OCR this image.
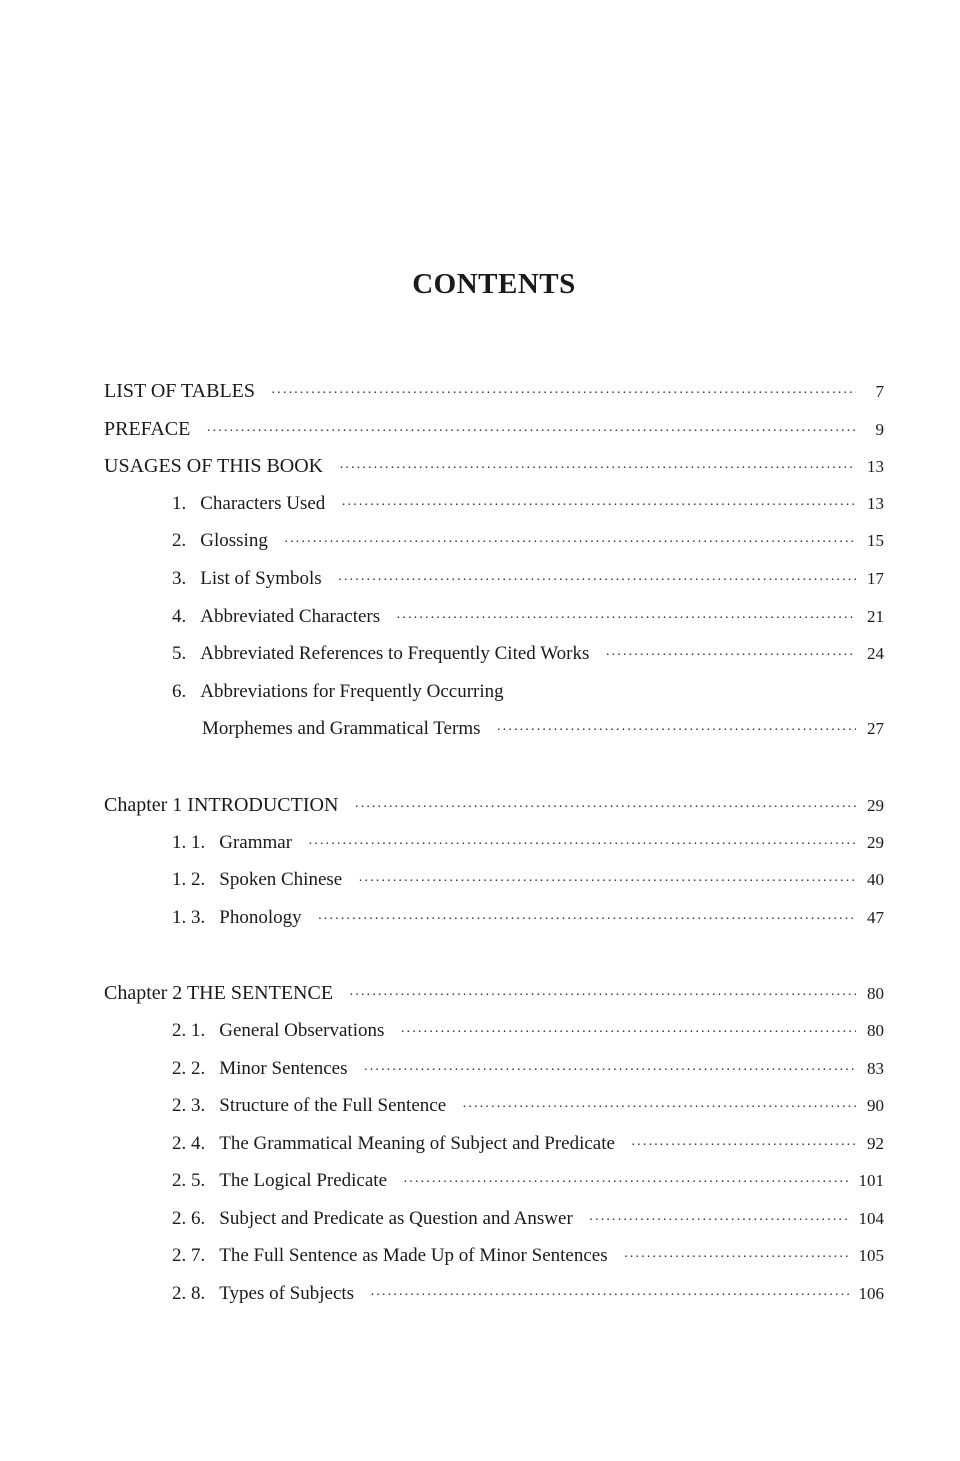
CONTENTS
LIST OF TABLES ·····	7
PREFACE ·····	9
USAGES OF THIS BOOK ·····	13
1. Characters Used ·····	13
2. Glossing ·····	15
3. List of Symbols ·····	17
4. Abbreviated Characters ·····	21
5. Abbreviated References to Frequently Cited Works ·····	24
6. Abbreviations for Frequently Occurring
Morphemes and Grammatical Terms ·····	27
Chapter 1 INTRODUCTION ·····	29
1. 1. Grammar ·····	29
1. 2. Spoken Chinese ·····	40
1. 3. Phonology ·····	47
Chapter 2 THE SENTENCE ·····	80
2. 1. General Observations ·····	80
2. 2. Minor Sentences ·····	83
2. 3. Structure of the Full Sentence ·····	90
2. 4. The Grammatical Meaning of Subject and Predicate ·····	92
2. 5. The Logical Predicate ·····	101
2. 6. Subject and Predicate as Question and Answer ·····	104
2. 7. The Full Sentence as Made Up of Minor Sentences ·····	105
2. 8. Types of Subjects ·····	106
